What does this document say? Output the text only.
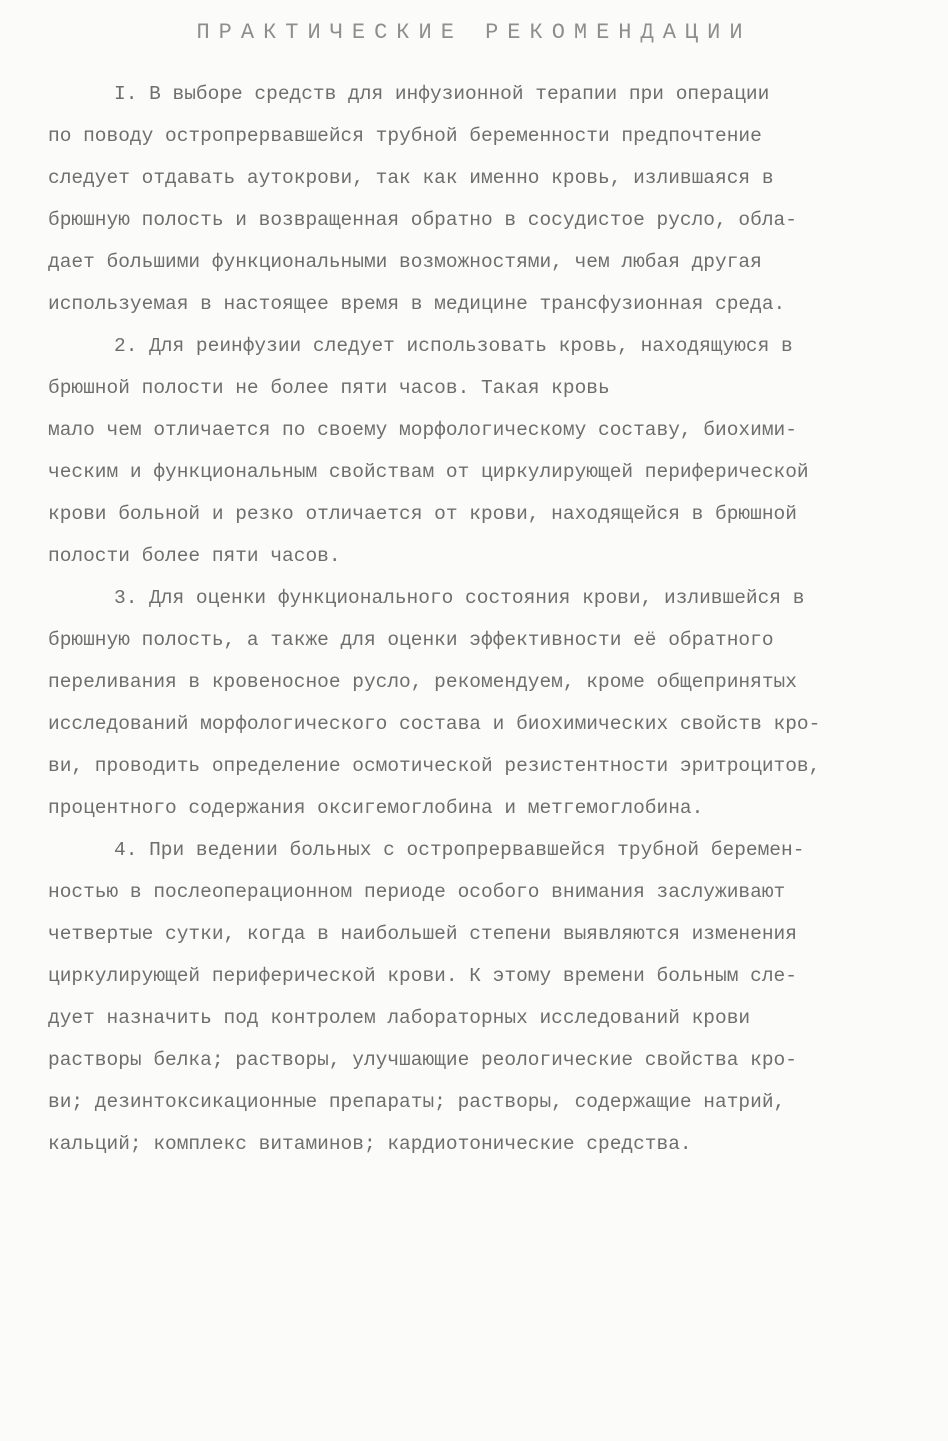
ПРАКТИЧЕСКИЕ РЕКОМЕНДАЦИИ
I. В выборе средств для инфузионной терапии при операции
по поводу остропрервавшейся трубной беременности предпочтение
следует отдавать аутокрови, так как именно кровь, излившаяся в
брюшную полость и возвращенная обратно в сосудистое русло, обла-
дает большими функциональными возможностями, чем любая другая
используемая в настоящее время в медицине трансфузионная среда.
2. Для реинфузии следует использовать кровь, находящуюся в
брюшной полости не более пяти часов. Такая кровь
мало чем отличается по своему морфологическому составу, биохими-
ческим и функциональным свойствам от циркулирующей периферической
крови больной и резко отличается от крови, находящейся в брюшной
полости более пяти часов.
3. Для оценки функционального состояния крови, излившейся в
брюшную полость, а также для оценки эффективности её обратного
переливания в кровеносное русло, рекомендуем, кроме общепринятых
исследований морфологического состава и биохимических свойств кро-
ви, проводить определение осмотической резистентности эритроцитов,
процентного содержания оксигемоглобина и метгемоглобина.
4. При ведении больных с остропрервавшейся трубной беремен-
ностью в послеоперационном периоде особого внимания заслуживают
четвертые сутки, когда в наибольшей степени выявляются изменения
циркулирующей периферической крови. К этому времени больным сле-
дует назначить под контролем лабораторных исследований крови
растворы белка; растворы, улучшающие реологические свойства кро-
ви; дезинтоксикационные препараты; растворы, содержащие натрий,
кальций; комплекс витаминов; кардиотонические средства.
